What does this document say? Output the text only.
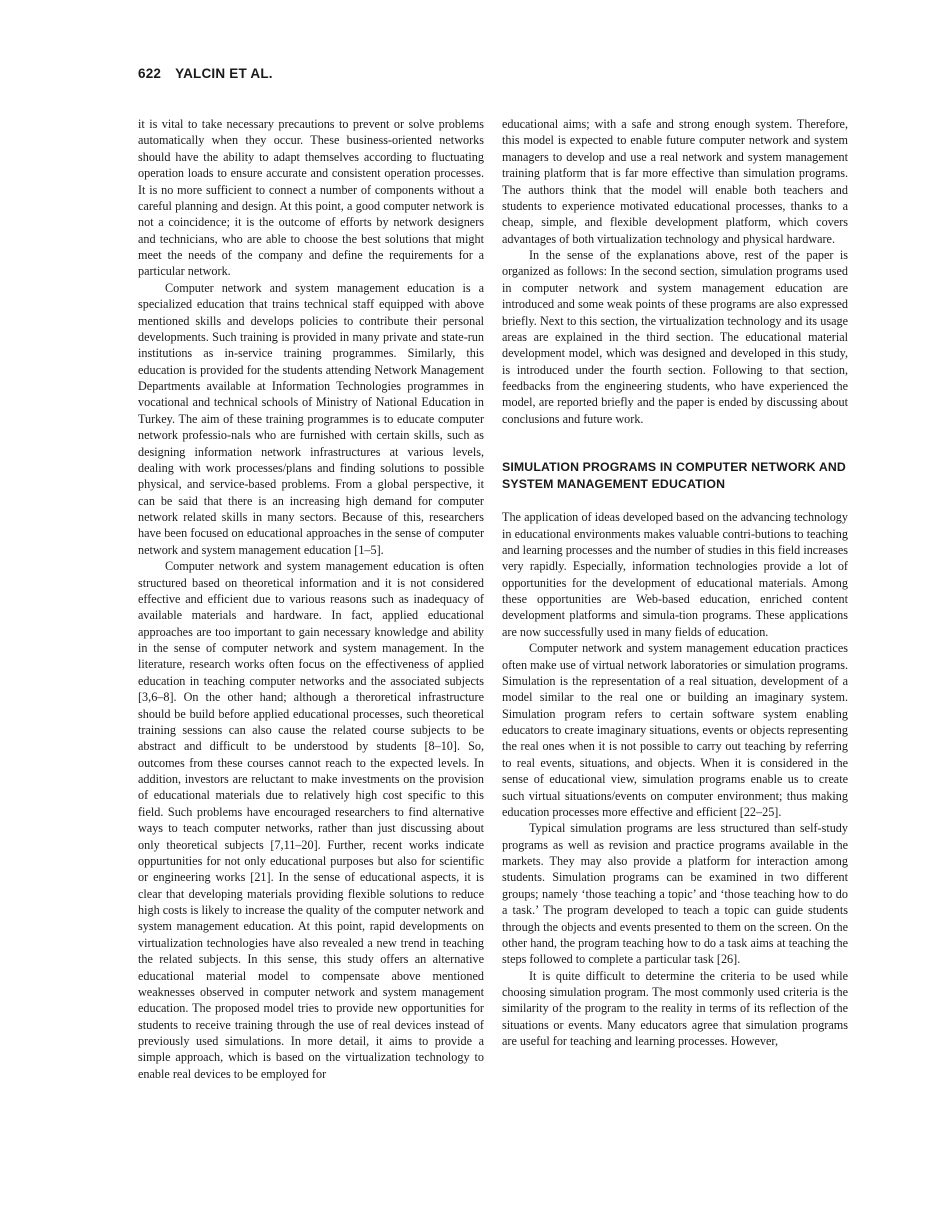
622 YALCIN ET AL.

it is vital to take necessary precautions to prevent or solve problems automatically when they occur. These business-oriented networks should have the ability to adapt themselves according to fluctuating operation loads to ensure accurate and consistent operation processes. It is no more sufficient to connect a number of components without a careful planning and design. At this point, a good computer network is not a coincidence; it is the outcome of efforts by network designers and technicians, who are able to choose the best solutions that might meet the needs of the company and define the requirements for a particular network.

Computer network and system management education is a specialized education that trains technical staff equipped with above mentioned skills and develops policies to contribute their personal developments. Such training is provided in many private and state-run institutions as in-service training programmes. Similarly, this education is provided for the students attending Network Management Departments available at Information Technologies programmes in vocational and technical schools of Ministry of National Education in Turkey. The aim of these training programmes is to educate computer network professio-nals who are furnished with certain skills, such as designing information network infrastructures at various levels, dealing with work processes/plans and finding solutions to possible physical, and service-based problems. From a global perspective, it can be said that there is an increasing high demand for computer network related skills in many sectors. Because of this, researchers have been focused on educational approaches in the sense of computer network and system management education [1–5].

Computer network and system management education is often structured based on theoretical information and it is not considered effective and efficient due to various reasons such as inadequacy of available materials and hardware. In fact, applied educational approaches are too important to gain necessary knowledge and ability in the sense of computer network and system management. In the literature, research works often focus on the effectiveness of applied education in teaching computer networks and the associated subjects [3,6–8]. On the other hand; although a theroretical infrastructure should be build before applied educational processes, such theoretical training sessions can also cause the related course subjects to be abstract and difficult to be understood by students [8–10]. So, outcomes from these courses cannot reach to the expected levels. In addition, investors are reluctant to make investments on the provision of educational materials due to relatively high cost specific to this field. Such problems have encouraged researchers to find alternative ways to teach computer networks, rather than just discussing about only theoretical subjects [7,11–20]. Further, recent works indicate oppurtunities for not only educational purposes but also for scientific or engineering works [21]. In the sense of educational aspects, it is clear that developing materials providing flexible solutions to reduce high costs is likely to increase the quality of the computer network and system management education. At this point, rapid developments on virtualization technologies have also revealed a new trend in teaching the related subjects. In this sense, this study offers an alternative educational material model to compensate above mentioned weaknesses observed in computer network and system management education. The proposed model tries to provide new opportunities for students to receive training through the use of real devices instead of previously used simulations. In more detail, it aims to provide a simple approach, which is based on the virtualization technology to enable real devices to be employed for

educational aims; with a safe and strong enough system. Therefore, this model is expected to enable future computer network and system managers to develop and use a real network and system management training platform that is far more effective than simulation programs. The authors think that the model will enable both teachers and students to experience motivated educational processes, thanks to a cheap, simple, and flexible development platform, which covers advantages of both virtualization technology and physical hardware.

In the sense of the explanations above, rest of the paper is organized as follows: In the second section, simulation programs used in computer network and system management education are introduced and some weak points of these programs are also expressed briefly. Next to this section, the virtualization technology and its usage areas are explained in the third section. The educational material development model, which was designed and developed in this study, is introduced under the fourth section. Following to that section, feedbacks from the engineering students, who have experienced the model, are reported briefly and the paper is ended by discussing about conclusions and future work.

SIMULATION PROGRAMS IN COMPUTER NETWORK AND SYSTEM MANAGEMENT EDUCATION

The application of ideas developed based on the advancing technology in educational environments makes valuable contri-butions to teaching and learning processes and the number of studies in this field increases very rapidly. Especially, information technologies provide a lot of opportunities for the development of educational materials. Among these opportunities are Web-based education, enriched content development platforms and simula-tion programs. These applications are now successfully used in many fields of education.

Computer network and system management education practices often make use of virtual network laboratories or simulation programs. Simulation is the representation of a real situation, development of a model similar to the real one or building an imaginary system. Simulation program refers to certain software system enabling educators to create imaginary situations, events or objects representing the real ones when it is not possible to carry out teaching by referring to real events, situations, and objects. When it is considered in the sense of educational view, simulation programs enable us to create such virtual situations/events on computer environment; thus making education processes more effective and efficient [22–25].

Typical simulation programs are less structured than self-study programs as well as revision and practice programs available in the markets. They may also provide a platform for interaction among students. Simulation programs can be examined in two different groups; namely ‘those teaching a topic’ and ‘those teaching how to do a task.’ The program developed to teach a topic can guide students through the objects and events presented to them on the screen. On the other hand, the program teaching how to do a task aims at teaching the steps followed to complete a particular task [26].

It is quite difficult to determine the criteria to be used while choosing simulation program. The most commonly used criteria is the similarity of the program to the reality in terms of its reflection of the situations or events. Many educators agree that simulation programs are useful for teaching and learning processes. However,
